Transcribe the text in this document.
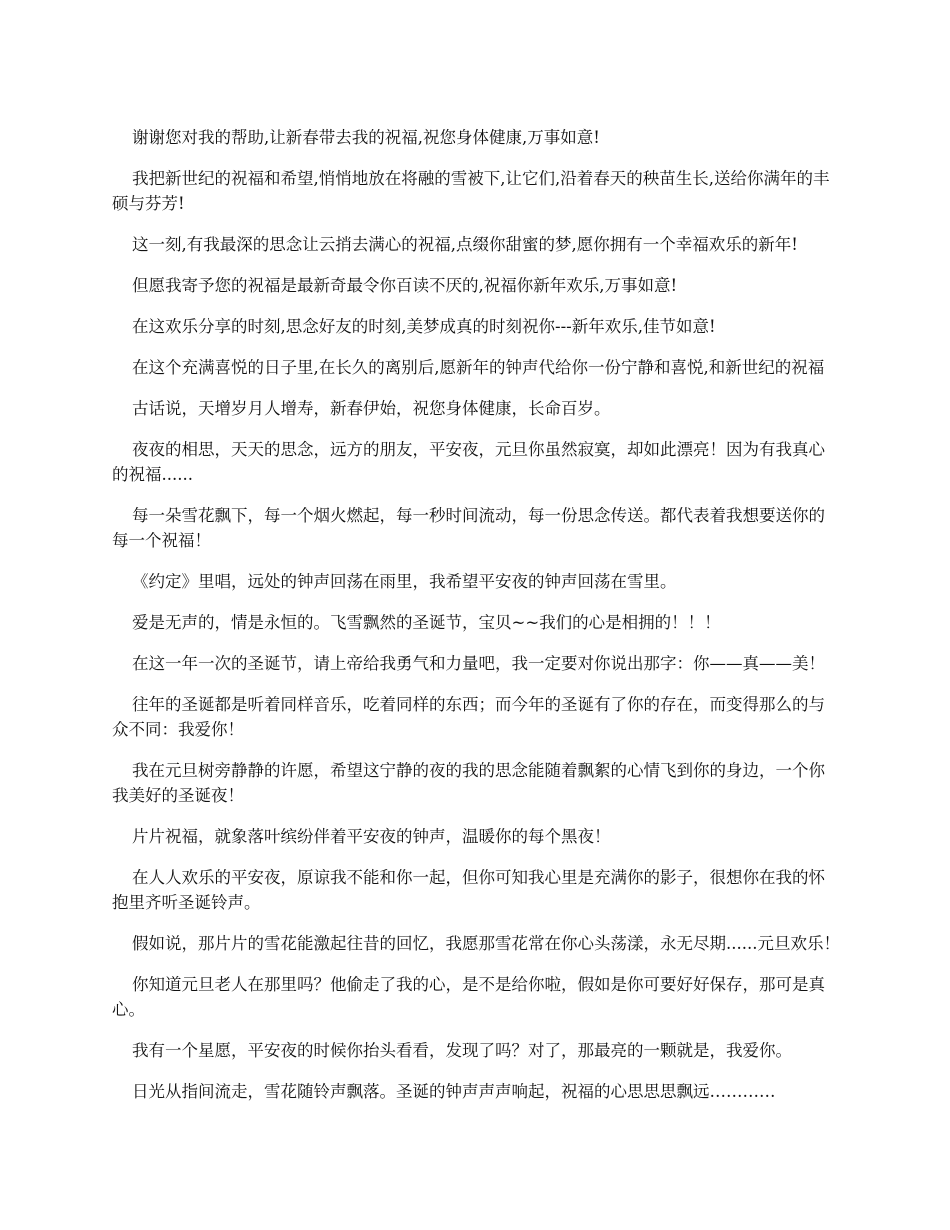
谢谢您对我的帮助,让新春带去我的祝福,祝您身体健康,万事如意!

我把新世纪的祝福和希望,悄悄地放在将融的雪被下,让它们,沿着春天的秧苗生长,送给你满年的丰硕与芬芳!

这一刻,有我最深的思念让云捎去满心的祝福,点缀你甜蜜的梦,愿你拥有一个幸福欢乐的新年!

但愿我寄予您的祝福是最新奇最令你百读不厌的,祝福你新年欢乐,万事如意!

在这欢乐分享的时刻,思念好友的时刻,美梦成真的时刻祝你---新年欢乐,佳节如意!

在这个充满喜悦的日子里,在长久的离别后,愿新年的钟声代给你一份宁静和喜悦,和新世纪的祝福

古话说，天增岁月人增寿，新春伊始，祝您身体健康，长命百岁。

夜夜的相思，天天的思念，远方的朋友，平安夜，元旦你虽然寂寞，却如此漂亮！因为有我真心的祝福......

每一朵雪花飘下，每一个烟火燃起，每一秒时间流动，每一份思念传送。都代表着我想要送你的每一个祝福！

《约定》里唱，远处的钟声回荡在雨里，我希望平安夜的钟声回荡在雪里。

爱是无声的，情是永恒的。飞雪飘然的圣诞节，宝贝~~我们的心是相拥的！！！

在这一年一次的圣诞节，请上帝给我勇气和力量吧，我一定要对你说出那字：你——真——美！

往年的圣诞都是听着同样音乐，吃着同样的东西；而今年的圣诞有了你的存在，而变得那么的与众不同：我爱你！

我在元旦树旁静静的许愿，希望这宁静的夜的我的思念能随着飘絮的心情飞到你的身边，一个你我美好的圣诞夜！

片片祝福，就象落叶缤纷伴着平安夜的钟声，温暖你的每个黑夜！

在人人欢乐的平安夜，原谅我不能和你一起，但你可知我心里是充满你的影子，很想你在我的怀抱里齐听圣诞铃声。

假如说，那片片的雪花能激起往昔的回忆，我愿那雪花常在你心头荡漾，永无尽期......元旦欢乐！

你知道元旦老人在那里吗？他偷走了我的心，是不是给你啦，假如是你可要好好保存，那可是真心。

我有一个星愿，平安夜的时候你抬头看看，发现了吗？对了，那最亮的一颗就是，我爱你。

日光从指间流走，雪花随铃声飘落。圣诞的钟声声声响起，祝福的心思思思飘远…………
